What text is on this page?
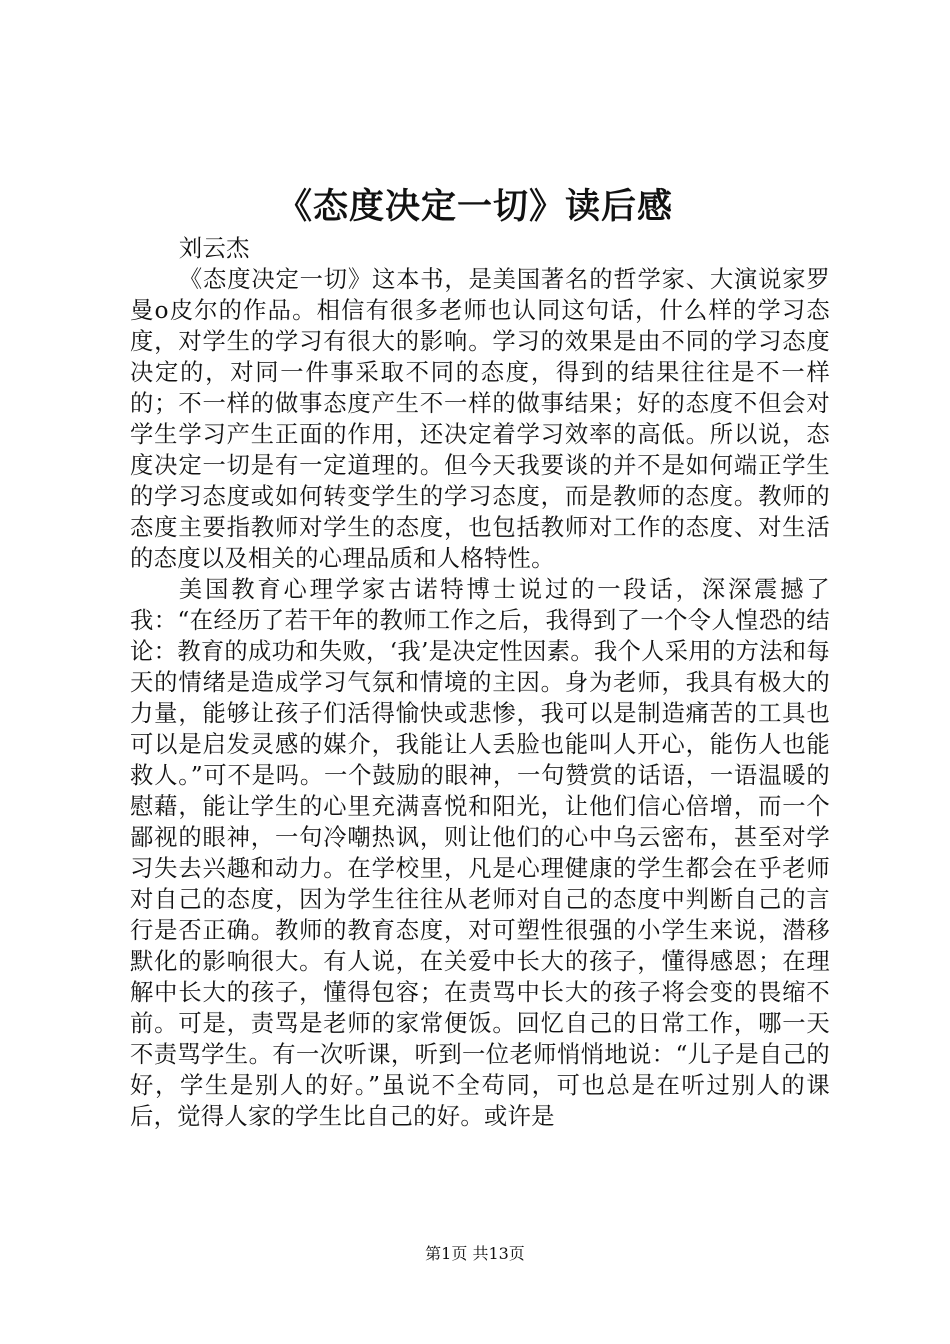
《态度决定一切》读后感
刘云杰

《态度决定一切》这本书，是美国著名的哲学家、大演说家罗曼o皮尔的作品。相信有很多老师也认同这句话，什么样的学习态度，对学生的学习有很大的影响。学习的效果是由不同的学习态度决定的，对同一件事采取不同的态度，得到的结果往往是不一样的；不一样的做事态度产生不一样的做事结果；好的态度不但会对学生学习产生正面的作用，还决定着学习效率的高低。所以说，态度决定一切是有一定道理的。但今天我要谈的并不是如何端正学生的学习态度或如何转变学生的学习态度，而是教师的态度。教师的态度主要指教师对学生的态度，也包括教师对工作的态度、对生活的态度以及相关的心理品质和人格特性。

美国教育心理学家古诺特博士说过的一段话，深深震撼了我：“在经历了若干年的教师工作之后，我得到了一个令人惶恐的结论：教育的成功和失败，‘我’是决定性因素。我个人采用的方法和每天的情绪是造成学习气氛和情境的主因。身为老师，我具有极大的力量，能够让孩子们活得愉快或悲惨，我可以是制造痛苦的工具也可以是启发灵感的媒介，我能让人丢脸也能叫人开心，能伤人也能救人。”可不是吗。一个鼓励的眼神，一句赞赏的话语，一语温暖的慰藉，能让学生的心里充满喜悦和阳光，让他们信心倍增，而一个鄙视的眼神，一句冷嘲热讽，则让他们的心中乌云密布，甚至对学习失去兴趣和动力。在学校里，凡是心理健康的学生都会在乎老师对自己的态度，因为学生往往从老师对自己的态度中判断自己的言行是否正确。教师的教育态度，对可塑性很强的小学生来说，潜移默化的影响很大。有人说，在关爱中长大的孩子，懂得感恩；在理解中长大的孩子，懂得包容；在责骂中长大的孩子将会变的畏缩不前。可是，责骂是老师的家常便饭。回忆自己的日常工作，哪一天不责骂学生。有一次听课，听到一位老师悄悄地说：“儿子是自己的好，学生是别人的好。”虽说不全苟同，可也总是在听过别人的课后，觉得人家的学生比自己的好。或许是

第1页 共13页
